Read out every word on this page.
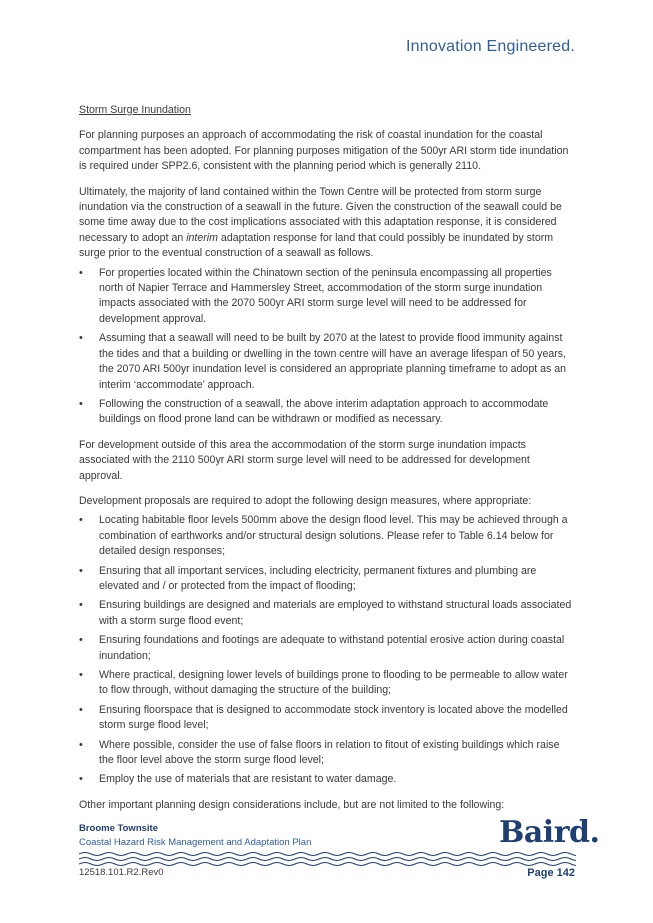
Innovation Engineered.
Storm Surge Inundation

For planning purposes an approach of accommodating the risk of coastal inundation for the coastal compartment has been adopted. For planning purposes mitigation of the 500yr ARI storm tide inundation is required under SPP2.6, consistent with the planning period which is generally 2110.

Ultimately, the majority of land contained within the Town Centre will be protected from storm surge inundation via the construction of a seawall in the future. Given the construction of the seawall could be some time away due to the cost implications associated with this adaptation response, it is considered necessary to adopt an interim adaptation response for land that could possibly be inundated by storm surge prior to the eventual construction of a seawall as follows.

• For properties located within the Chinatown section of the peninsula encompassing all properties north of Napier Terrace and Hammersley Street, accommodation of the storm surge inundation impacts associated with the 2070 500yr ARI storm surge level will need to be addressed for development approval.
• Assuming that a seawall will need to be built by 2070 at the latest to provide flood immunity against the tides and that a building or dwelling in the town centre will have an average lifespan of 50 years, the 2070 ARI 500yr inundation level is considered an appropriate planning timeframe to adopt as an interim ‘accommodate’ approach.
• Following the construction of a seawall, the above interim adaptation approach to accommodate buildings on flood prone land can be withdrawn or modified as necessary.

For development outside of this area the accommodation of the storm surge inundation impacts associated with the 2110 500yr ARI storm surge level will need to be addressed for development approval.

Development proposals are required to adopt the following design measures, where appropriate:

• Locating habitable floor levels 500mm above the design flood level. This may be achieved through a combination of earthworks and/or structural design solutions. Please refer to Table 6.14 below for detailed design responses;
• Ensuring that all important services, including electricity, permanent fixtures and plumbing are elevated and / or protected from the impact of flooding;
• Ensuring buildings are designed and materials are employed to withstand structural loads associated with a storm surge flood event;
• Ensuring foundations and footings are adequate to withstand potential erosive action during coastal inundation;
• Where practical, designing lower levels of buildings prone to flooding to be permeable to allow water to flow through, without damaging the structure of the building;
• Ensuring floorspace that is designed to accommodate stock inventory is located above the modelled storm surge flood level;
• Where possible, consider the use of false floors in relation to fitout of existing buildings which raise the floor level above the storm surge flood level;
• Employ the use of materials that are resistant to water damage.

Other important planning design considerations include, but are not limited to the following:

Broome Townsite
Coastal Hazard Risk Management and Adaptation Plan	Baird.
12518.101.R2.Rev0	Page 142
